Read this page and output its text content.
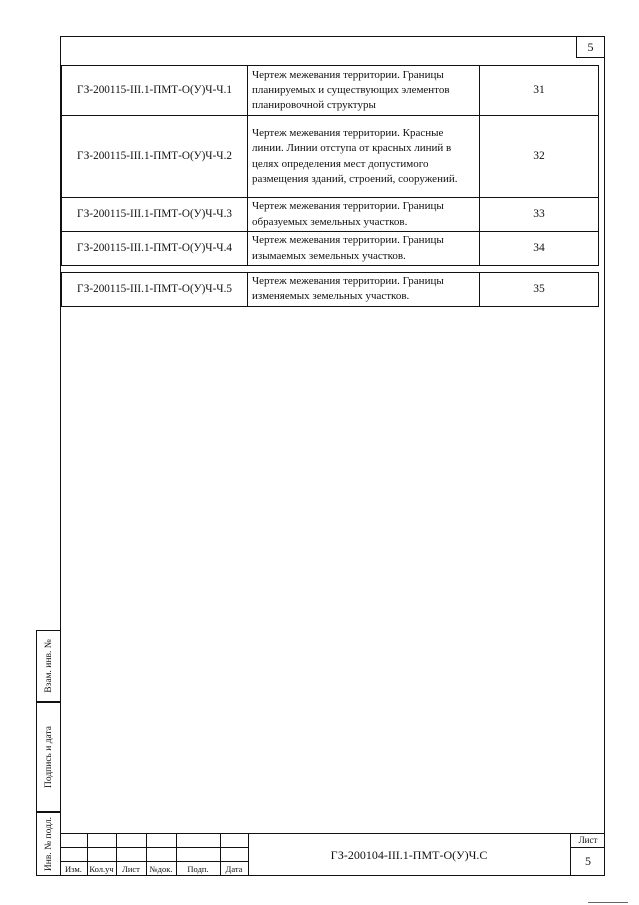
5
ГЗ-200115-III.1-ПМТ-О(У)Ч-Ч.1	Чертеж межевания территории. Границы планируемых и существующих элементов планировочной структуры	31
ГЗ-200115-III.1-ПМТ-О(У)Ч-Ч.2	Чертеж межевания территории. Красные линии. Линии отступа от красных линий в целях определения мест допустимого размещения зданий, строений, сооружений.	32
ГЗ-200115-III.1-ПМТ-О(У)Ч-Ч.3	Чертеж межевания территории. Границы образуемых земельных участков.	33
ГЗ-200115-III.1-ПМТ-О(У)Ч-Ч.4	Чертеж межевания территории. Границы изымаемых земельных участков.	34

ГЗ-200115-III.1-ПМТ-О(У)Ч-Ч.5	Чертеж межевания территории. Границы изменяемых земельных участков.	35
Взам. инв. №
Подпись и дата
Инв. № подл.	Изм. Кол.уч Лист	№док.	Подп.	Дата
ГЗ-200104-III.1-ПМТ-О(У)Ч.С
Лист
5
